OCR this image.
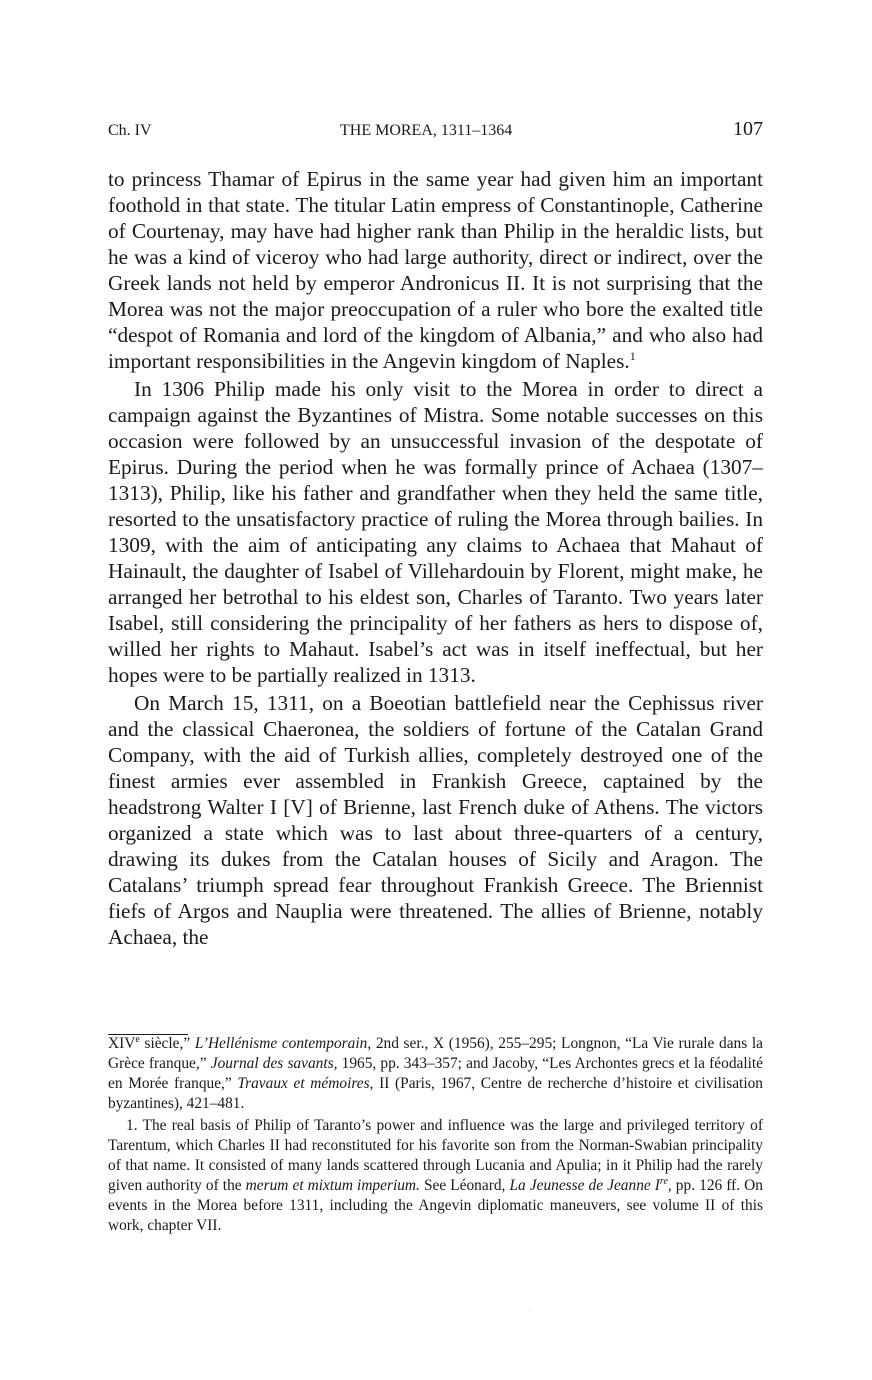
Ch. IV	THE MOREA, 1311–1364	107

to princess Thamar of Epirus in the same year had given him an important foothold in that state. The titular Latin empress of Constantinople, Catherine of Courtenay, may have had higher rank than Philip in the heraldic lists, but he was a kind of viceroy who had large authority, direct or indirect, over the Greek lands not held by emperor Andronicus II. It is not surprising that the Morea was not the major preoccupation of a ruler who bore the exalted title “despot of Romania and lord of the kingdom of Albania,” and who also had important responsibilities in the Angevin kingdom of Naples.$^1$

In 1306 Philip made his only visit to the Morea in order to direct a campaign against the Byzantines of Mistra. Some notable successes on this occasion were followed by an unsuccessful invasion of the despotate of Epirus. During the period when he was formally prince of Achaea (1307–1313), Philip, like his father and grandfather when they held the same title, resorted to the unsatisfactory practice of ruling the Morea through bailies. In 1309, with the aim of anticipating any claims to Achaea that Mahaut of Hainault, the daughter of Isabel of Villehardouin by Florent, might make, he arranged her betrothal to his eldest son, Charles of Taranto. Two years later Isabel, still considering the principality of her fathers as hers to dispose of, willed her rights to Mahaut. Isabel’s act was in itself ineffectual, but her hopes were to be partially realized in 1313.

On March 15, 1311, on a Boeotian battlefield near the Cephissus river and the classical Chaeronea, the soldiers of fortune of the Catalan Grand Company, with the aid of Turkish allies, completely destroyed one of the finest armies ever assembled in Frankish Greece, captained by the headstrong Walter I [V] of Brienne, last French duke of Athens. The victors organized a state which was to last about three-quarters of a century, drawing its dukes from the Catalan houses of Sicily and Aragon. The Catalans’ triumph spread fear throughout Frankish Greece. The Briennist fiefs of Argos and Nauplia were threatened. The allies of Brienne, notably Achaea, the

XIVe siècle,” L’Hellénisme contemporain, 2nd ser., X (1956), 255–295; Longnon, “La Vie rurale dans la Grèce franque,” Journal des savants, 1965, pp. 343–357; and Jacoby, “Les Archontes grecs et la féodalité en Morée franque,” Travaux et mémoires, II (Paris, 1967, Centre de recherche d’histoire et civilisation byzantines), 421–481.

1. The real basis of Philip of Taranto’s power and influence was the large and privileged territory of Tarentum, which Charles II had reconstituted for his favorite son from the Norman-Swabian principality of that name. It consisted of many lands scattered through Lucania and Apulia; in it Philip had the rarely given authority of the merum et mixtum imperium. See Léonard, La Jeunesse de Jeanne Ire, pp. 126 ff. On events in the Morea before 1311, including the Angevin diplomatic maneuvers, see volume II of this work, chapter VII.
